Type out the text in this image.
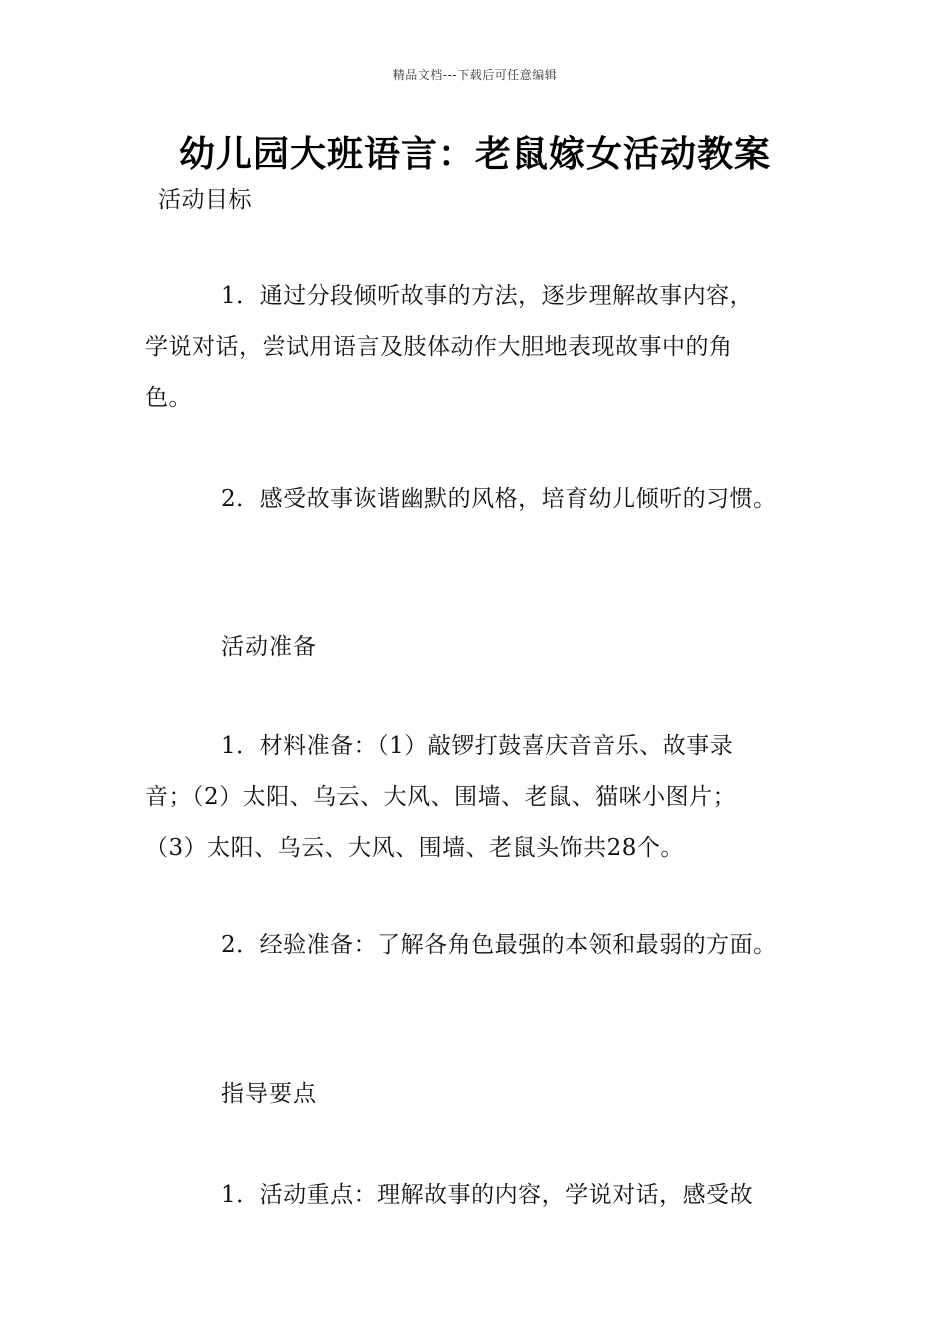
精品文档---下载后可任意编辑
幼儿园大班语言：老鼠嫁女活动教案
活动目标
1．通过分段倾听故事的方法，逐步理解故事内容，
学说对话，尝试用语言及肢体动作大胆地表现故事中的角
色。
2．感受故事诙谐幽默的风格，培育幼儿倾听的习惯。
活动准备
1．材料准备：（1）敲锣打鼓喜庆音音乐、故事录
音；（2）太阳、乌云、大风、围墙、老鼠、猫咪小图片；
（3）太阳、乌云、大风、围墙、老鼠头饰共28个。
2．经验准备：了解各角色最强的本领和最弱的方面。
指导要点
1．活动重点：理解故事的内容，学说对话，感受故
